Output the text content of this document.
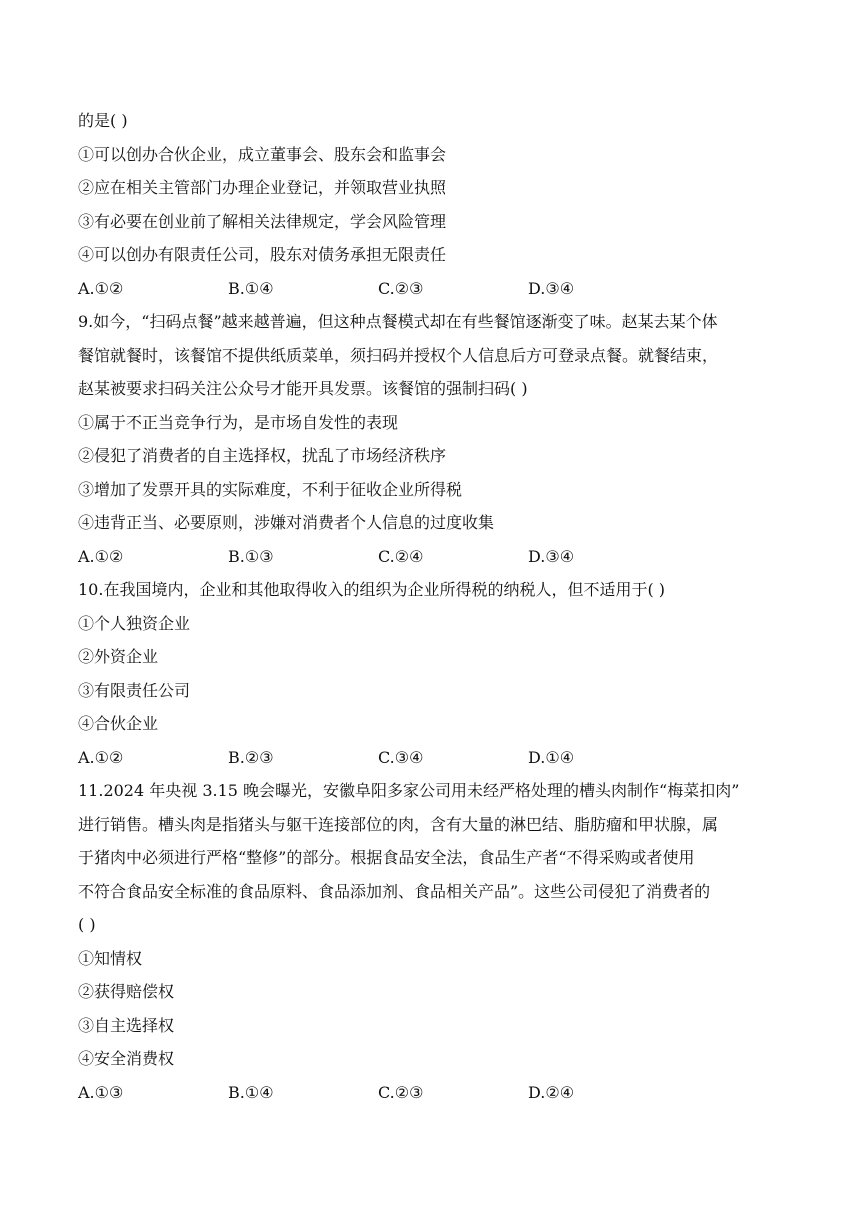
的是( )

①可以创办合伙企业，成立董事会、股东会和监事会

②应在相关主管部门办理企业登记，并领取营业执照

③有必要在创业前了解相关法律规定，学会风险管理

④可以创办有限责任公司，股东对债务承担无限责任

A.①②	B.①④	C.②③	D.③④

9.如今，“扫码点餐”越来越普遍，但这种点餐模式却在有些餐馆逐渐变了味。赵某去某个体

餐馆就餐时，该餐馆不提供纸质菜单，须扫码并授权个人信息后方可登录点餐。就餐结束，

赵某被要求扫码关注公众号才能开具发票。该餐馆的强制扫码( )

①属于不正当竞争行为，是市场自发性的表现

②侵犯了消费者的自主选择权，扰乱了市场经济秩序

③增加了发票开具的实际难度，不利于征收企业所得税

④违背正当、必要原则，涉嫌对消费者个人信息的过度收集

A.①②	B.①③	C.②④	D.③④

10.在我国境内，企业和其他取得收入的组织为企业所得税的纳税人，但不适用于( )

①个人独资企业

②外资企业

③有限责任公司

④合伙企业

A.①②	B.②③	C.③④	D.①④

11.2024 年央视 3.15 晚会曝光，安徽阜阳多家公司用未经严格处理的槽头肉制作“梅菜扣肉”

进行销售。槽头肉是指猪头与躯干连接部位的肉，含有大量的淋巴结、脂肪瘤和甲状腺，属

于猪肉中必须进行严格“整修”的部分。根据食品安全法，食品生产者“不得采购或者使用

不符合食品安全标准的食品原料、食品添加剂、食品相关产品”。这些公司侵犯了消费者的

( )

①知情权

②获得赔偿权

③自主选择权

④安全消费权

A.①③	B.①④	C.②③	D.②④
